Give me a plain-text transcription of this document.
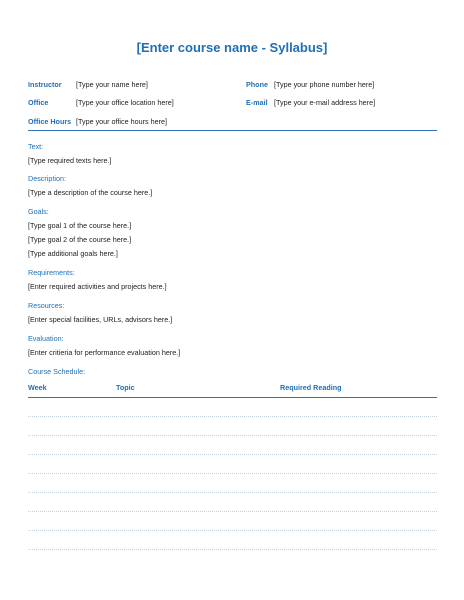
[Enter course name - Syllabus]
Instructor [Type your name here]	Phone [Type your phone number here]
Office	[Type your office location here]	E-mail [Type your e-mail address here]
Office Hours [Type your office hours here]
Text:
[Type required texts here.]
Description:
[Type a description of the course here.]
Goals:
[Type goal 1 of the course here.]
[Type goal 2 of the course here.]
[Type additional goals here.]
Requirements:
[Enter required activities and projects here.]
Resources:
[Enter special facilities, URLs, advisors here.]
Evaluation:
[Enter critieria for performance evaluation here.]
Course Schedule:
Week	Topic	Required Reading
